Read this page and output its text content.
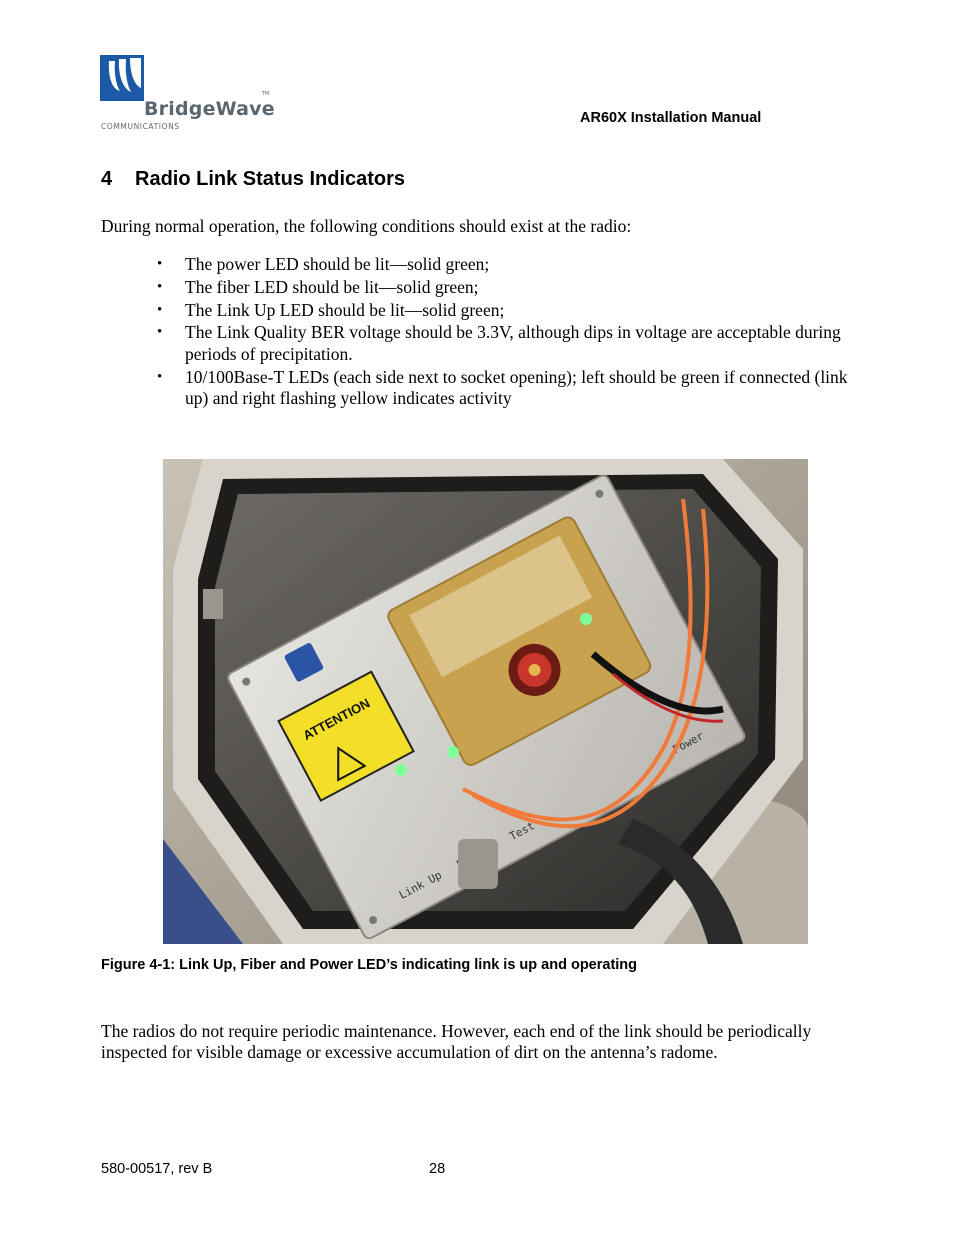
BridgeWave
COMMUNICATIONS
TM
AR60X Installation Manual
4 Radio Link Status Indicators
During normal operation, the following conditions should exist at the radio:
• The power LED should be lit—solid green;
• The fiber LED should be lit—solid green;
• The Link Up LED should be lit—solid green;
• The Link Quality BER voltage should be 3.3V, although dips in voltage are acceptable during periods of precipitation.
• 10/100Base-T LEDs (each side next to socket opening); left should be green if connected (link up) and right flashing yellow indicates activity
ATTENTION
Link Up
Test
Power
Figure 4-1: Link Up, Fiber and Power LED’s indicating link is up and operating
The radios do not require periodic maintenance. However, each end of the link should be periodically inspected for visible damage or excessive accumulation of dirt on the antenna’s radome.
580-00517, rev B	28
